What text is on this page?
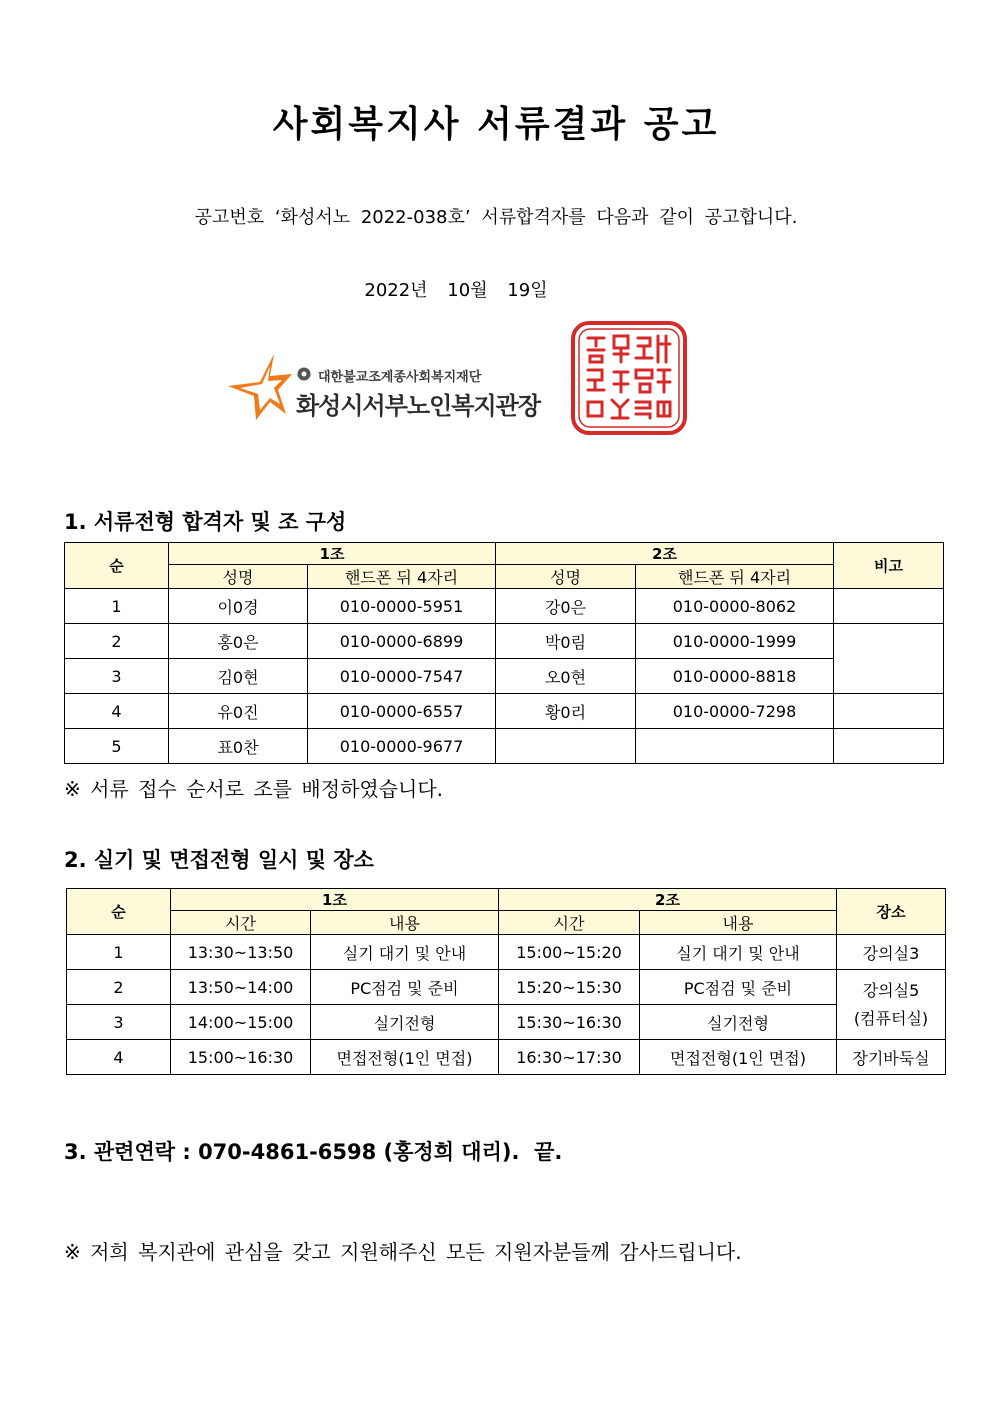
사회복지사 서류결과 공고
공고번호 ‘화성서노 2022-038호’ 서류합격자를 다음과 같이 공고합니다.
2022년 10월 19일
대한불교조계종사회복지재단
화성시서부노인복지관장
1. 서류전형 합격자 및 조 구성
순	1조		2조		비고
	성명	핸드폰 뒤 4자리	성명	핸드폰 뒤 4자리	
1	이0경	010-0000-5951	강0은	010-0000-8062	
2	홍0은	010-0000-6899	박0림	010-0000-1999	
3	김0현	010-0000-7547	오0현	010-0000-8818	
4	유0진	010-0000-6557	황0리	010-0000-7298	
5	표0찬	010-0000-9677			
※ 서류 접수 순서로 조를 배정하였습니다.
2. 실기 및 면접전형 일시 및 장소
순	1조		2조		장소
	시간	내용	시간	내용	
1	13:30~13:50	실기 대기 및 안내	15:00~15:20	실기 대기 및 안내	강의실3
2	13:50~14:00	PC점검 및 준비	15:20~15:30	PC점검 및 준비	강의실5
(컴퓨터실)

3	14:00~15:00	실기전형	15:30~16:30	실기전형	
4	15:00~16:30	면접전형(1인 면접)	16:30~17:30	면접전형(1인 면접)	장기바둑실
3. 관련연락 : 070-4861-6598 (홍정희 대리).  끝.
※ 저희 복지관에 관심을 갖고 지원해주신 모든 지원자분들께 감사드립니다.
